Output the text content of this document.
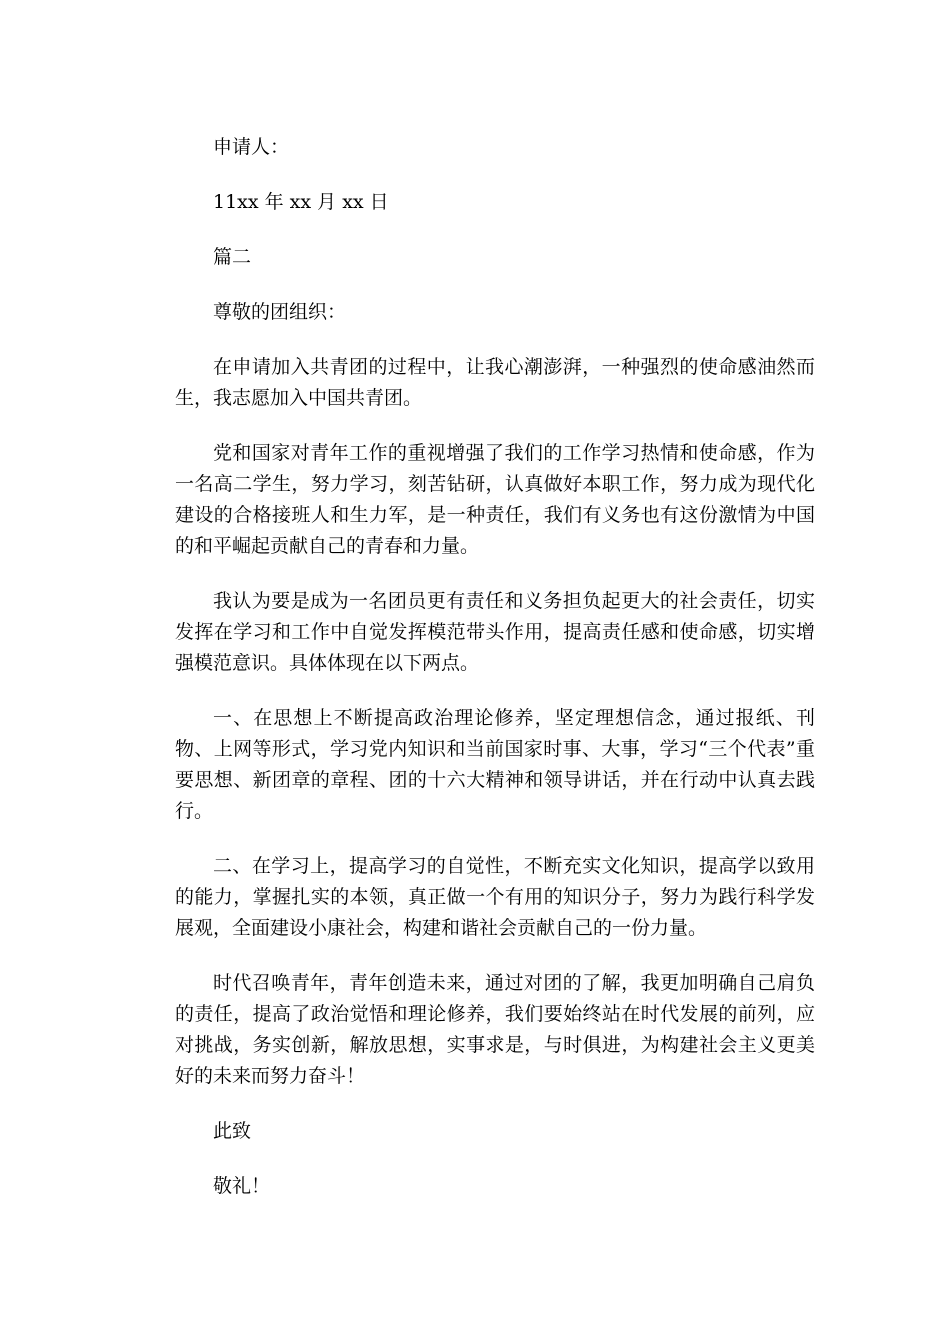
申请人：

11xx 年 xx 月 xx 日

篇二

尊敬的团组织：

在申请加入共青团的过程中，让我心潮澎湃，一种强烈的使命感油然而生，我志愿加入中国共青团。

党和国家对青年工作的重视增强了我们的工作学习热情和使命感，作为一名高二学生，努力学习，刻苦钻研，认真做好本职工作，努力成为现代化建设的合格接班人和生力军，是一种责任，我们有义务也有这份激情为中国的和平崛起贡献自己的青春和力量。

我认为要是成为一名团员更有责任和义务担负起更大的社会责任，切实发挥在学习和工作中自觉发挥模范带头作用，提高责任感和使命感，切实增强模范意识。具体体现在以下两点。

一、在思想上不断提高政治理论修养，坚定理想信念，通过报纸、刊物、上网等形式，学习党内知识和当前国家时事、大事，学习“三个代表”重要思想、新团章的章程、团的十六大精神和领导讲话，并在行动中认真去践行。

二、在学习上，提高学习的自觉性，不断充实文化知识，提高学以致用的能力，掌握扎实的本领，真正做一个有用的知识分子，努力为践行科学发展观，全面建设小康社会，构建和谐社会贡献自己的一份力量。

时代召唤青年，青年创造未来，通过对团的了解，我更加明确自己肩负的责任，提高了政治觉悟和理论修养，我们要始终站在时代发展的前列，应对挑战，务实创新，解放思想，实事求是，与时俱进，为构建社会主义更美好的未来而努力奋斗！

此致

敬礼！
